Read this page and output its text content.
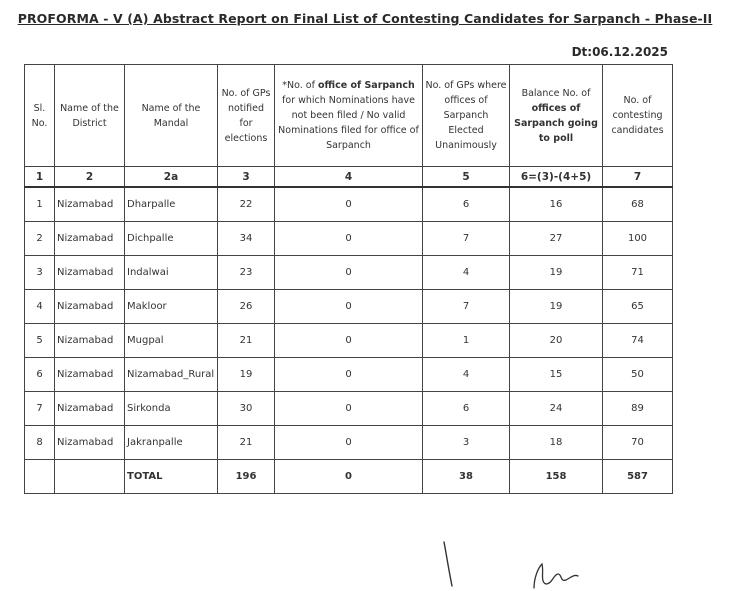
PROFORMA - V (A) Abstract Report on Final List of Contesting Candidates for Sarpanch - Phase-II
Dt:06.12.2025
Sl. No.	Name of the District	Name of the Mandal	No. of GPs notified for elections	*No. of office of Sarpanch for which Nominations have not been filed / No valid Nominations filed for office of Sarpanch	No. of GPs where offices of Sarpanch Elected Unanimously	Balance No. of offices of Sarpanch going to poll	No. of contesting candidates
1	2	2a	3	4	5	6=(3)-(4+5)	7
1	Nizamabad	Dharpalle	22	0	6	16	68
2	Nizamabad	Dichpalle	34	0	7	27	100
3	Nizamabad	Indalwai	23	0	4	19	71
4	Nizamabad	Makloor	26	0	7	19	65
5	Nizamabad	Mugpal	21	0	1	20	74
6	Nizamabad	Nizamabad_Rural	19	0	4	15	50
7	Nizamabad	Sirkonda	30	0	6	24	89
8	Nizamabad	Jakranpalle	21	0	3	18	70
		TOTAL	196	0	38	158	587
